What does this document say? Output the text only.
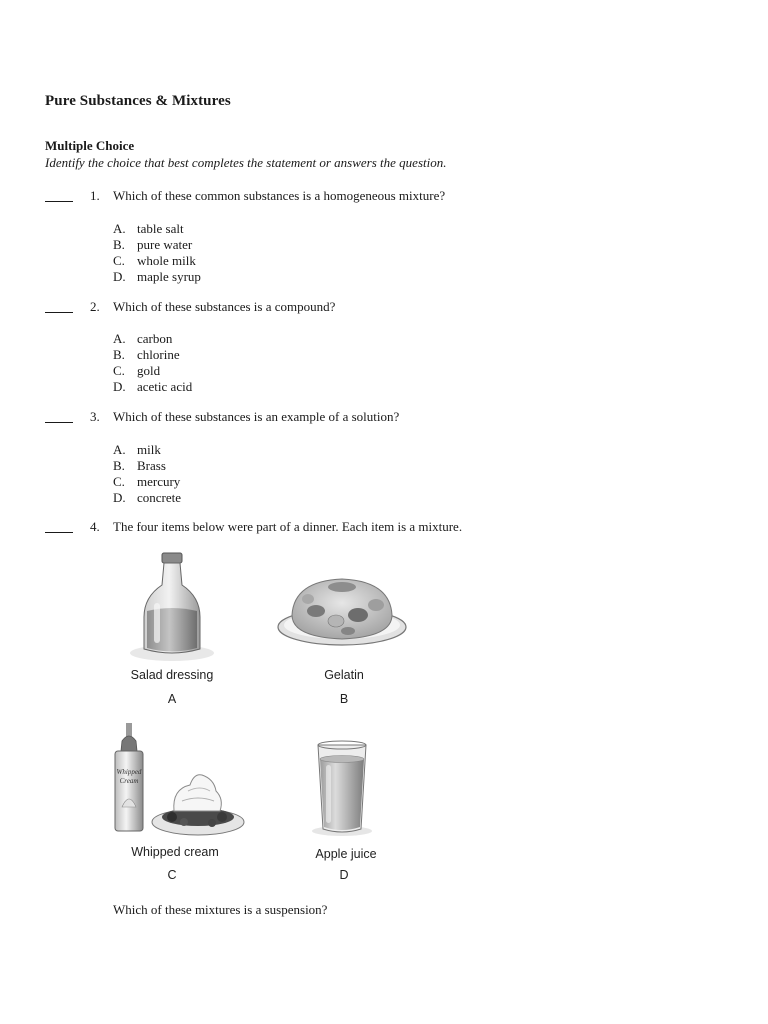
Pure Substances & Mixtures
Multiple Choice
Identify the choice that best completes the statement or answers the question.
1. Which of these common substances is a homogeneous mixture?
A. table salt
B. pure water
C. whole milk
D. maple syrup
2. Which of these substances is a compound?
A. carbon
B. chlorine
C. gold
D. acetic acid
3. Which of these substances is an example of a solution?
A. milk
B. Brass
C. mercury
D. concrete
4. The four items below were part of a dinner. Each item is a mixture.
Whipped
Cream
Salad dressing
A
Gelatin
B
Whipped cream
C
Apple juice
D
Which of these mixtures is a suspension?
